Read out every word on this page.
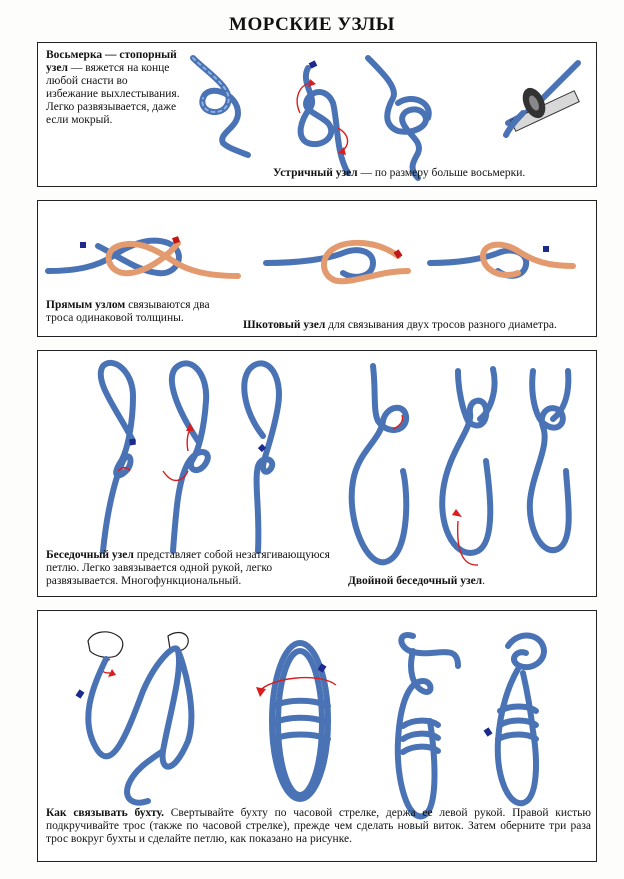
МОРСКИЕ УЗЛЫ
Восьмерка — стопорный узел — вяжется на конце любой снасти во избежание выхлестывания. Легко развязывается, даже если мокрый.
Устричный узел — по размеру больше восьмерки.
Прямым узлом связываются два троса одинаковой толщины.
Шкотовый узел для связывания двух тросов разного диаметра.
Беседочный узел представляет собой незатягивающуюся петлю. Легко завязывается одной рукой, легко развязывается. Многофункциональный.	Двойной беседочный узел.
Как связывать бухту. Свертывайте бухту по часовой стрелке, держа ее левой рукой. Правой кистью подкручивайте трос (также по часовой стрелке), прежде чем сделать новый виток. Затем оберните три раза трос вокруг бухты и сделайте петлю, как показано на рисунке.
